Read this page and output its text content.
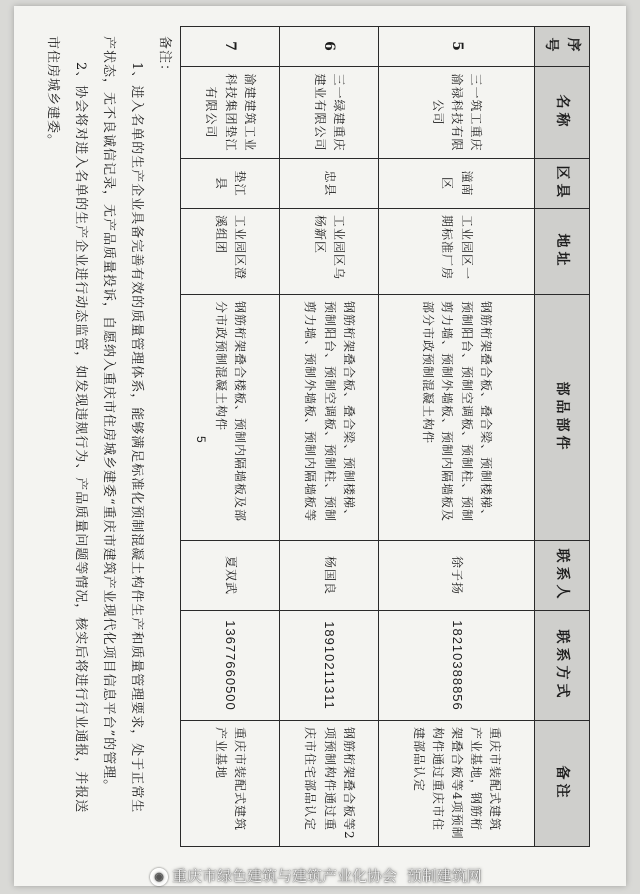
序号	名称	区县	地址	部品部件	联系人	联系方式	备注
5	三一筑工重庆渝禄科技有限公司	潼南区	工业园区一期标准厂房	钢筋桁架叠合板、叠合梁、预制楼梯、预制阳台、预制空调板、预制柱、预制剪力墙、预制外墙板、预制内隔墙板及部分市政预制混凝土构件	徐子扬	18210388856	重庆市装配式建筑产业基地，钢筋桁架叠合板等4项预制构件通过重庆市住建部品认定
6	三一绿建重庆建业有限公司	忠县	工业园区乌杨新区	钢筋桁架叠合板、叠合梁、预制楼梯、预制阳台、预制空调板、预制柱、预制剪力墙、预制外墙板、预制内隔墙板等	杨国良	18910211311	钢筋桁架叠合板等2项预制构件通过重庆市住宅部品认定
7	渝建建筑工业科技集团垫江有限公司	垫江县	工业园区澄溪组团	钢筋桁架叠合楼板、预制内隔墙板及部分市政预制混凝土构件	夏双武	13677660500	重庆市装配式建筑产业基地
5

备注：

1、进入名单的生产企业具备完善有效的质量管理体系，能够满足标准化预制混凝土构件生产和质量管理要求，处于正常生

产状态，无不良诚信记录，无产品质量投诉，自愿纳入重庆市住房城乡建委“重庆市建筑产业现代化项目信息平台”的管理。

2、协会将对进入名单的生产企业进行动态监管，如发现违规行为、产品质量问题等情况，核实后将进行行业通报，并报送

市住房城乡建委。

◉ 重庆市绿色建筑与建筑产业化协会 预制建筑网
